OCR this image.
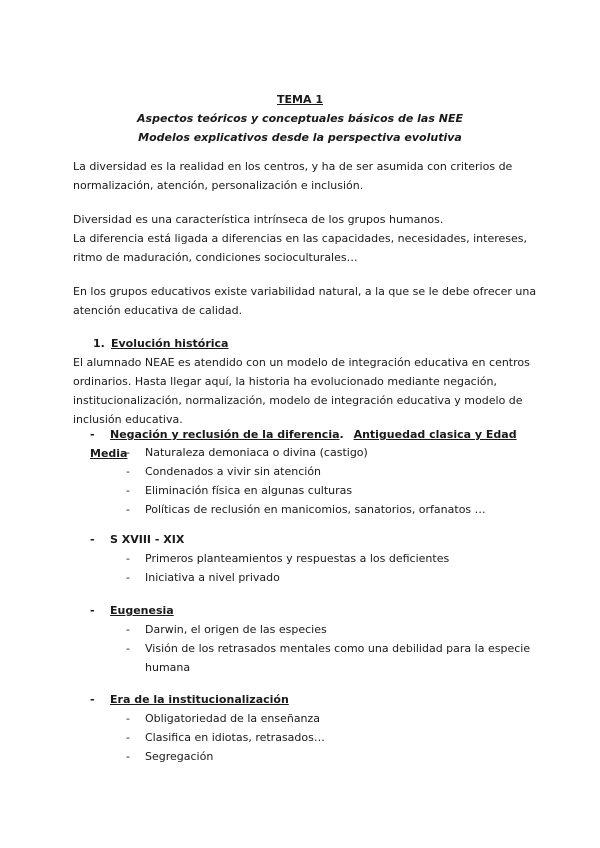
TEMA 1
Aspectos teóricos y conceptuales básicos de las NEE
Modelos explicativos desde la perspectiva evolutiva
La diversidad es la realidad en los centros, y ha de ser asumida con criterios de normalización, atención, personalización e inclusión.
Diversidad es una característica intrínseca de los grupos humanos.
La diferencia está ligada a diferencias en las capacidades, necesidades, intereses, ritmo de maduración, condiciones socioculturales…
En los grupos educativos existe variabilidad natural, a la que se le debe ofrecer una atención educativa de calidad.
1. Evolución histórica
El alumnado NEAE es atendido con un modelo de integración educativa en centros ordinarios. Hasta llegar aquí, la historia ha evolucionado mediante negación, institucionalización, normalización, modelo de integración educativa y modelo de inclusión educativa.
- Negación y reclusión de la diferencia. Antiguedad clasica y Edad Media
-	Naturaleza demoniaca o divina (castigo)
- Condenados a vivir sin atención
- Eliminación física en algunas culturas
- Políticas de reclusión en manicomios, sanatorios, orfanatos …
- S XVIII - XIX
- Primeros planteamientos y respuestas a los deficientes
- Iniciativa a nivel privado
- Eugenesia
- Darwin, el origen de las especies
- Visión de los retrasados mentales como una debilidad para la especie humana
- Era de la institucionalización
- Obligatoriedad de la enseñanza
- Clasifica en idiotas, retrasados…
- Segregación
